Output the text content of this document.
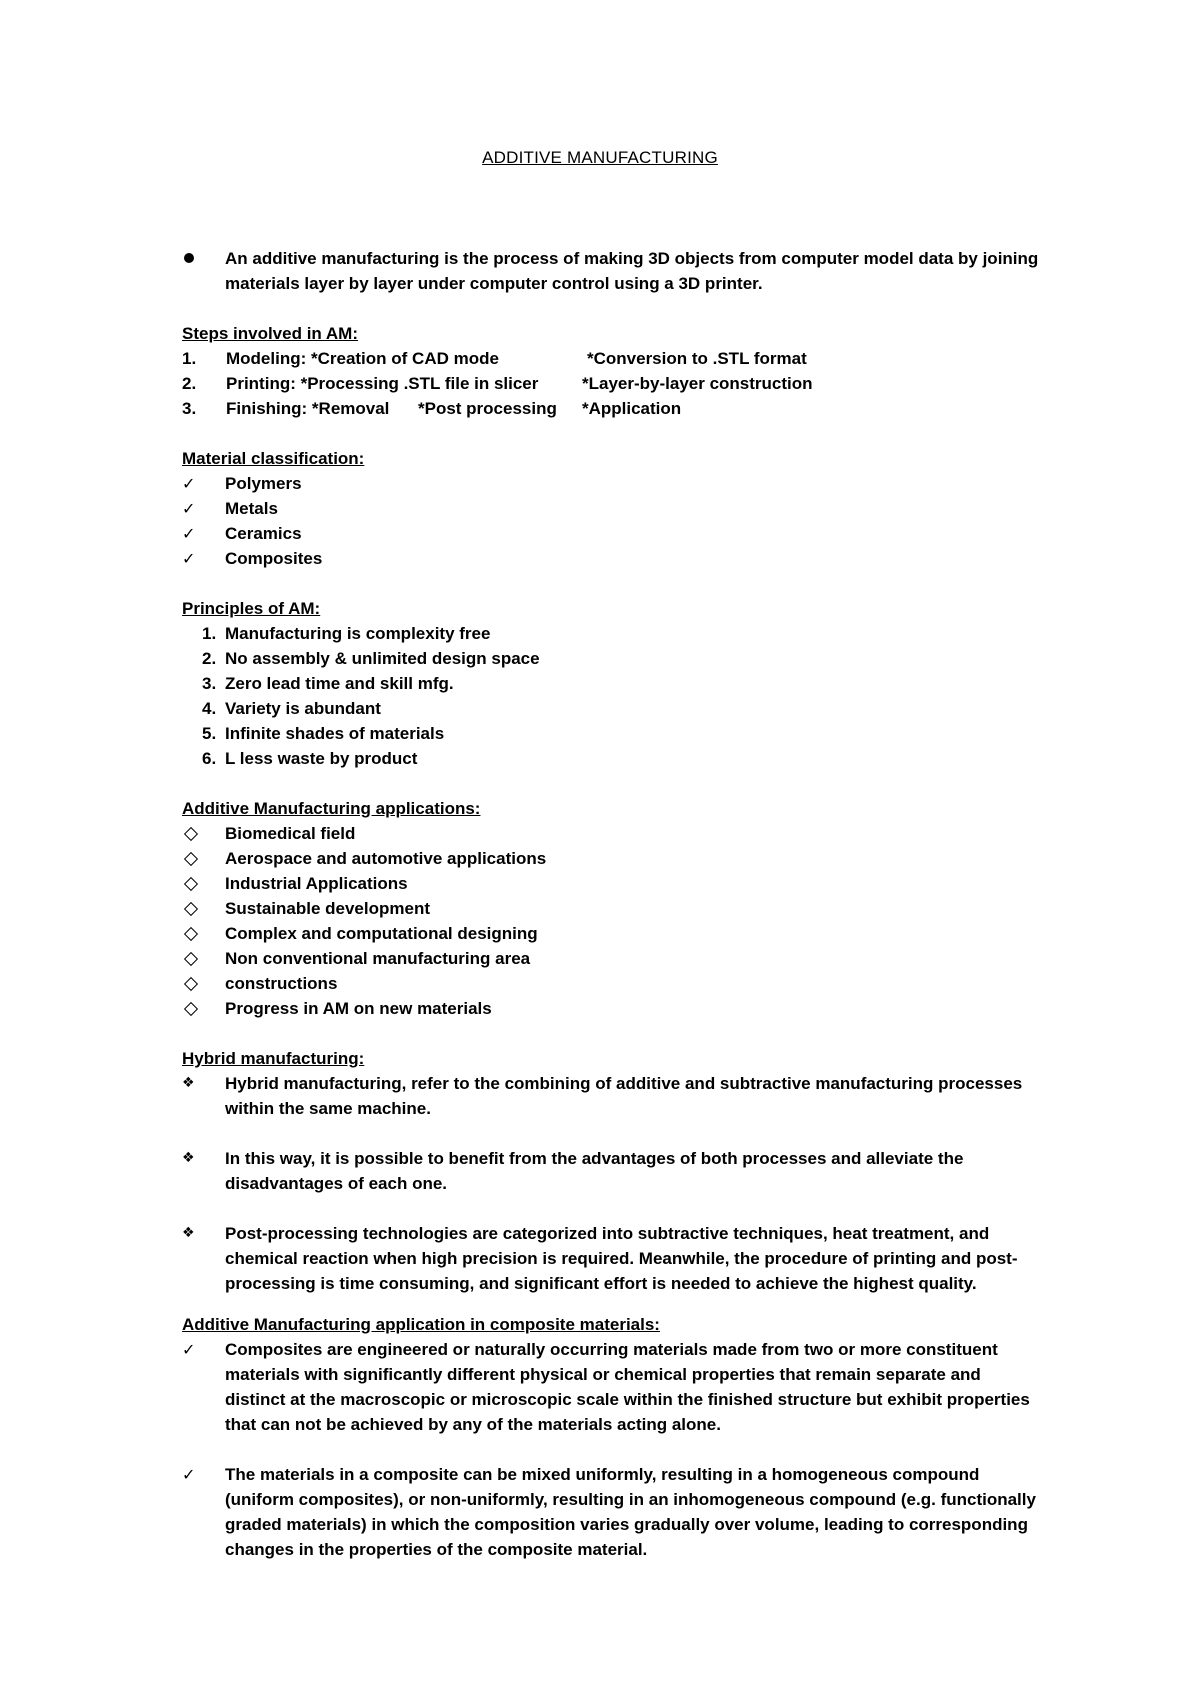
ADDITIVE MANUFACTURING
An additive manufacturing is the process of making 3D objects from computer model data by joining materials layer by layer under computer control using a 3D printer.
Steps involved in AM:
1.	Modeling: *Creation of CAD mode	*Conversion to .STL format
2.	Printing: *Processing .STL file in slicer	*Layer-by-layer construction
3.	Finishing: *Removal *Post processing *Application
Material classification:
✓	Polymers
✓	Metals
✓	Ceramics
✓	Composites
Principles of AM:
1. Manufacturing is complexity free
2. No assembly & unlimited design space
3. Zero lead time and skill mfg.
4. Variety is abundant
5. Infinite shades of materials
6. L less waste by product
Additive Manufacturing applications:
Biomedical field
Aerospace and automotive applications
Industrial Applications
Sustainable development
Complex and computational designing
Non conventional manufacturing area
constructions
Progress in AM on new materials
Hybrid manufacturing:
❖	Hybrid manufacturing, refer to the combining of additive and subtractive manufacturing processes within the same machine.
❖	In this way, it is possible to benefit from the advantages of both processes and alleviate the disadvantages of each one.
❖	Post-processing technologies are categorized into subtractive techniques, heat treatment, and chemical reaction when high precision is required. Meanwhile, the procedure of printing and post-processing is time consuming, and significant effort is needed to achieve the highest quality.
Additive Manufacturing application in composite materials:
✓	Composites are engineered or naturally occurring materials made from two or more constituent materials with significantly different physical or chemical properties that remain separate and distinct at the macroscopic or microscopic scale within the finished structure but exhibit properties that can not be achieved by any of the materials acting alone.
✓	The materials in a composite can be mixed uniformly, resulting in a homogeneous compound (uniform composites), or non-uniformly, resulting in an inhomogeneous compound (e.g. functionally graded materials) in which the composition varies gradually over volume, leading to corresponding changes in the properties of the composite material.
